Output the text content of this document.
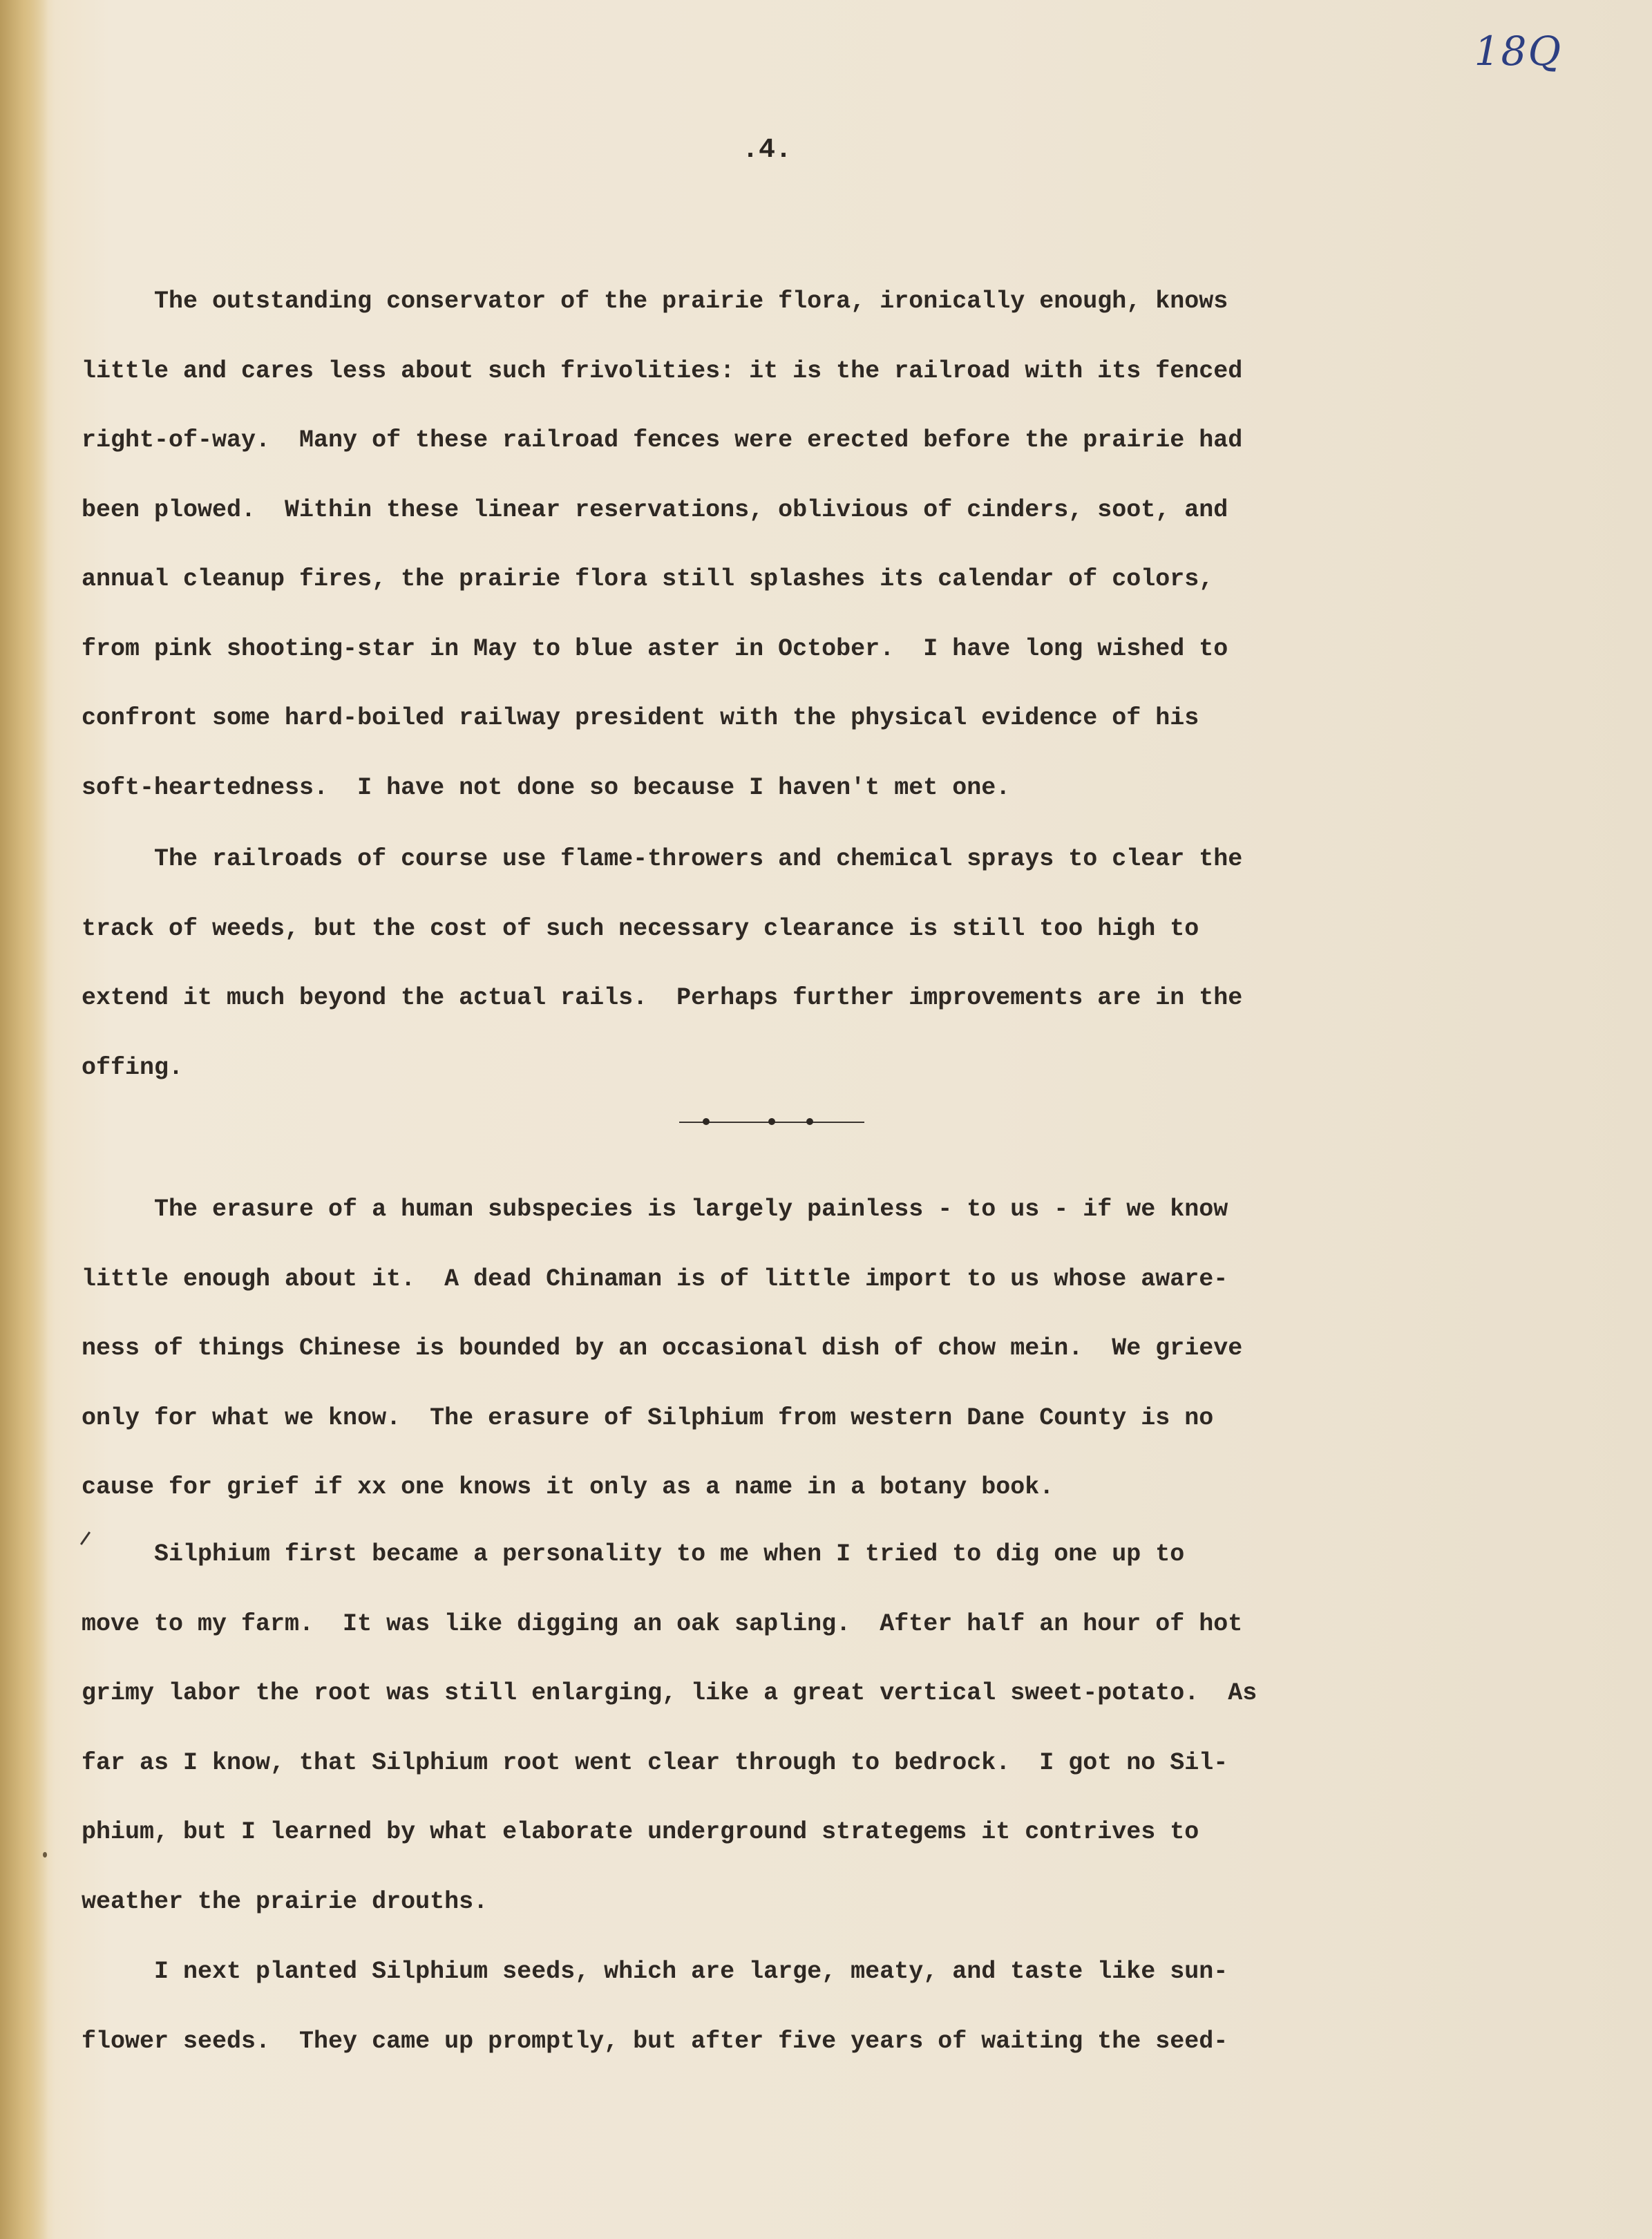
18Q
.4.
The outstanding conservator of the prairie flora, ironically enough, knows
little and cares less about such frivolities: it is the railroad with its fenced
right-of-way.  Many of these railroad fences were erected before the prairie had
been plowed.  Within these linear reservations, oblivious of cinders, soot, and
annual cleanup fires, the prairie flora still splashes its calendar of colors,
from pink shooting-star in May to blue aster in October.  I have long wished to
confront some hard-boiled railway president with the physical evidence of his
soft-heartedness.  I have not done so because I haven't met one.
The railroads of course use flame-throwers and chemical sprays to clear the
track of weeds, but the cost of such necessary clearance is still too high to
extend it much beyond the actual rails.  Perhaps further improvements are in the
offing.
The erasure of a human subspecies is largely painless - to us - if we know
little enough about it.  A dead Chinaman is of little import to us whose aware-
ness of things Chinese is bounded by an occasional dish of chow mein.  We grieve
only for what we know.  The erasure of Silphium from western Dane County is no
cause for grief if xx one knows it only as a name in a botany book.
Silphium first became a personality to me when I tried to dig one up to
move to my farm.  It was like digging an oak sapling.  After half an hour of hot
grimy labor the root was still enlarging, like a great vertical sweet-potato.  As
far as I know, that Silphium root went clear through to bedrock.  I got no Sil-
phium, but I learned by what elaborate underground strategems it contrives to
weather the prairie drouths.
I next planted Silphium seeds, which are large, meaty, and taste like sun-
flower seeds.  They came up promptly, but after five years of waiting the seed-
